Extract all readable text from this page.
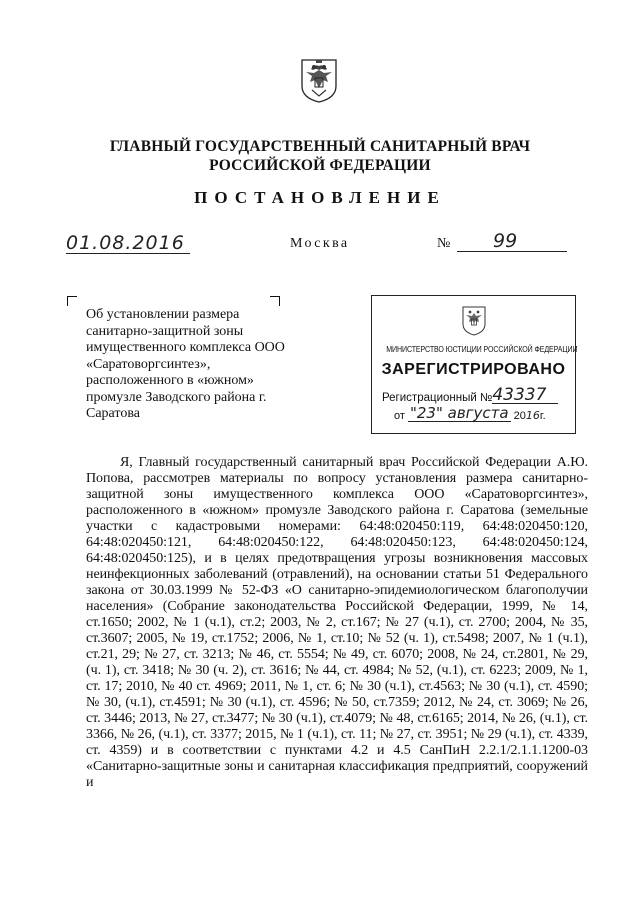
ГЛАВНЫЙ ГОСУДАРСТВЕННЫЙ САНИТАРНЫЙ ВРАЧ
РОССИЙСКОЙ ФЕДЕРАЦИИ
ПОСТАНОВЛЕНИЕ
01.08.2016	Москва	№	99
Об установлении размера санитарно-защитной зоны имущественного комплекса ООО «Саратоворгсинтез», расположенного в «южном» промузле Заводского района г. Саратова
МИНИСТЕРСТВО ЮСТИЦИИ РОССИЙСКОЙ ФЕДЕРАЦИИ
ЗАРЕГИСТРИРОВАНО
Регистрационный №43337
от "23" августа 2016г.
Я, Главный государственный санитарный врач Российской Федерации А.Ю. Попова, рассмотрев материалы по вопросу установления размера санитарно-защитной зоны имущественного комплекса ООО «Саратоворгсинтез», расположенного в «южном» промузле Заводского района г. Саратова (земельные участки с кадастровыми номерами: 64:48:020450:119, 64:48:020450:120, 64:48:020450:121, 64:48:020450:122, 64:48:020450:123, 64:48:020450:124, 64:48:020450:125), и в целях предотвращения угрозы возникновения массовых неинфекционных заболеваний (отравлений), на основании статьи 51 Федерального закона от 30.03.1999 № 52-ФЗ «О санитарно-эпидемиологическом благополучии населения» (Собрание законодательства Российской Федерации, 1999, № 14, ст.1650; 2002, № 1 (ч.1), ст.2; 2003, № 2, ст.167; № 27 (ч.1), ст. 2700; 2004, № 35, ст.3607; 2005, № 19, ст.1752; 2006, № 1, ст.10; № 52 (ч. 1), ст.5498; 2007, № 1 (ч.1), ст.21, 29; № 27, ст. 3213; № 46, ст. 5554; № 49, ст. 6070; 2008, № 24, ст.2801, № 29, (ч. 1), ст. 3418; № 30 (ч. 2), ст. 3616; № 44, ст. 4984; № 52, (ч.1), ст. 6223; 2009, № 1, ст. 17; 2010, № 40 ст. 4969; 2011, № 1, ст. 6; № 30 (ч.1), ст.4563; № 30 (ч.1), ст. 4590; № 30, (ч.1), ст.4591; № 30 (ч.1), ст. 4596; № 50, ст.7359; 2012, № 24, ст. 3069; № 26, ст. 3446; 2013, № 27, ст.3477; № 30 (ч.1), ст.4079; № 48, ст.6165; 2014, № 26, (ч.1), ст. 3366, № 26, (ч.1), ст. 3377; 2015, № 1 (ч.1), ст. 11; № 27, ст. 3951; № 29 (ч.1), ст. 4339, ст. 4359) и в соответствии с пунктами 4.2 и 4.5 СанПиН 2.2.1/2.1.1.1200-03 «Санитарно-защитные зоны и санитарная классификация предприятий, сооружений и
